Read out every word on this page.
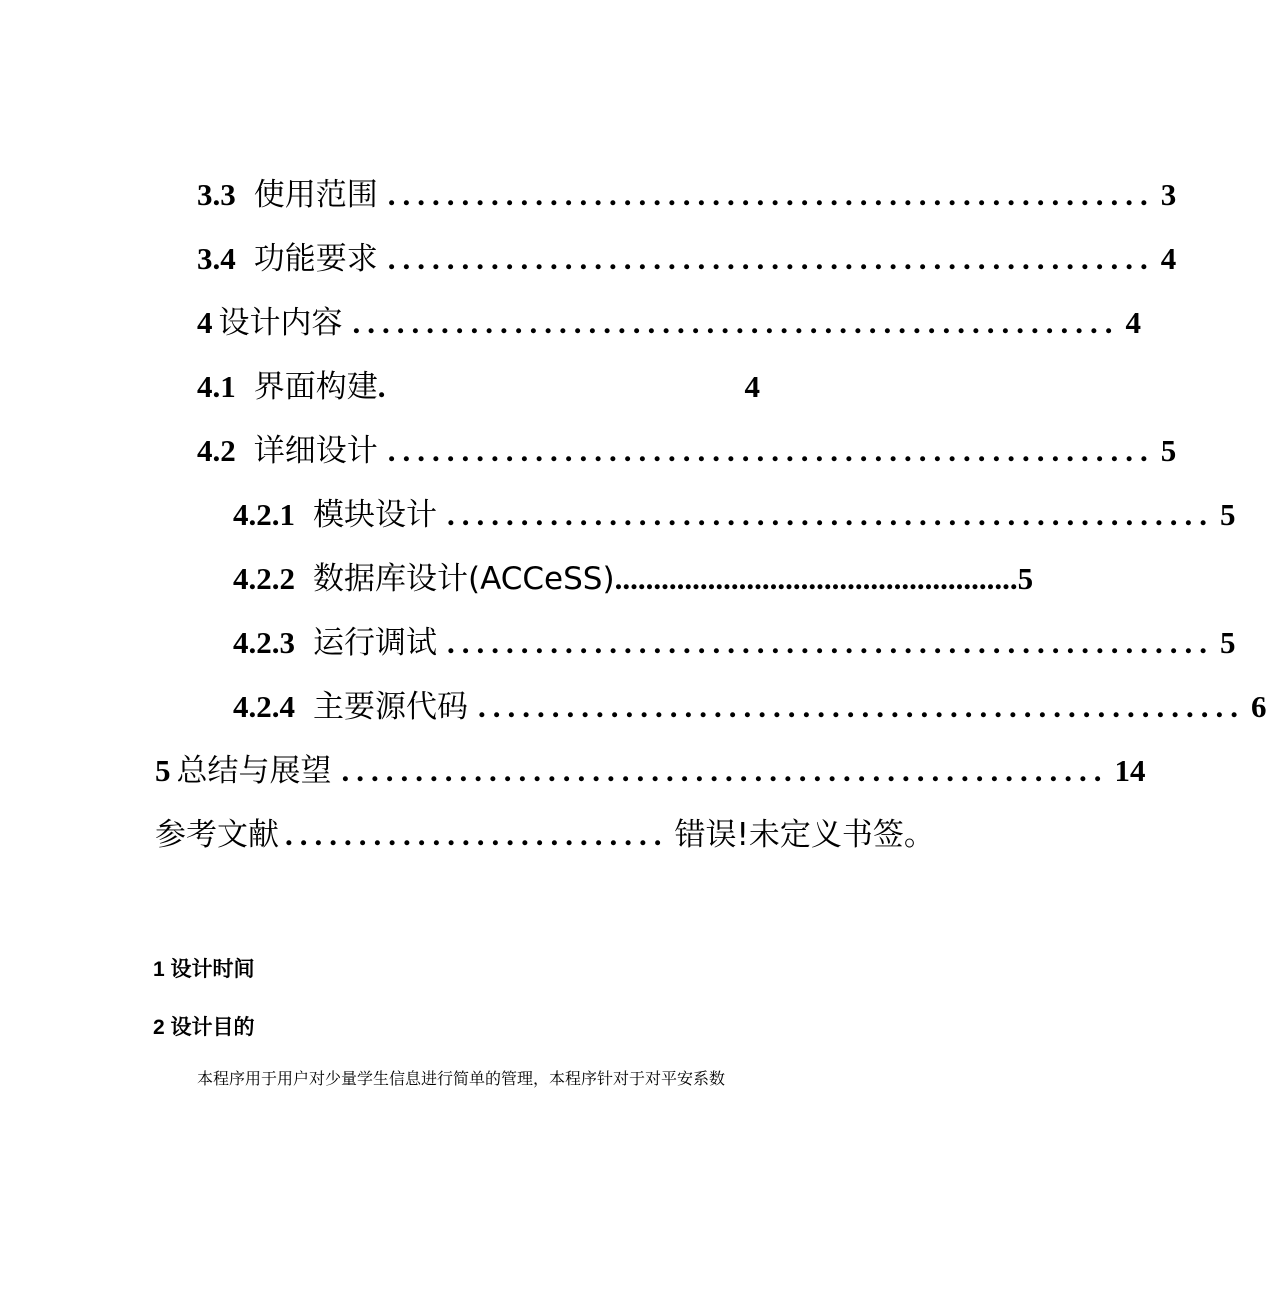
3.3 使用范围 .................................................... 3
3.4 功能要求 .................................................... 4
4 设计内容 .................................................... 4
4.1 界面构建 .	4
4.2 详细设计 .................................................... 5
4.2.1 模块设计 .................................................... 5
4.2.2 数据库设计(ACCeSS) .................................................... 5
4.2.3 运行调试 .................................................... 5
4.2.4 主要源代码 .................................................... 6
5 总结与展望 .................................................... 14
参考文献 .......................... 错误!未定义书签。
1 设计时间
2 设计目的
本程序用于用户对少量学生信息进行简单的管理，本程序针对于对平安系数
